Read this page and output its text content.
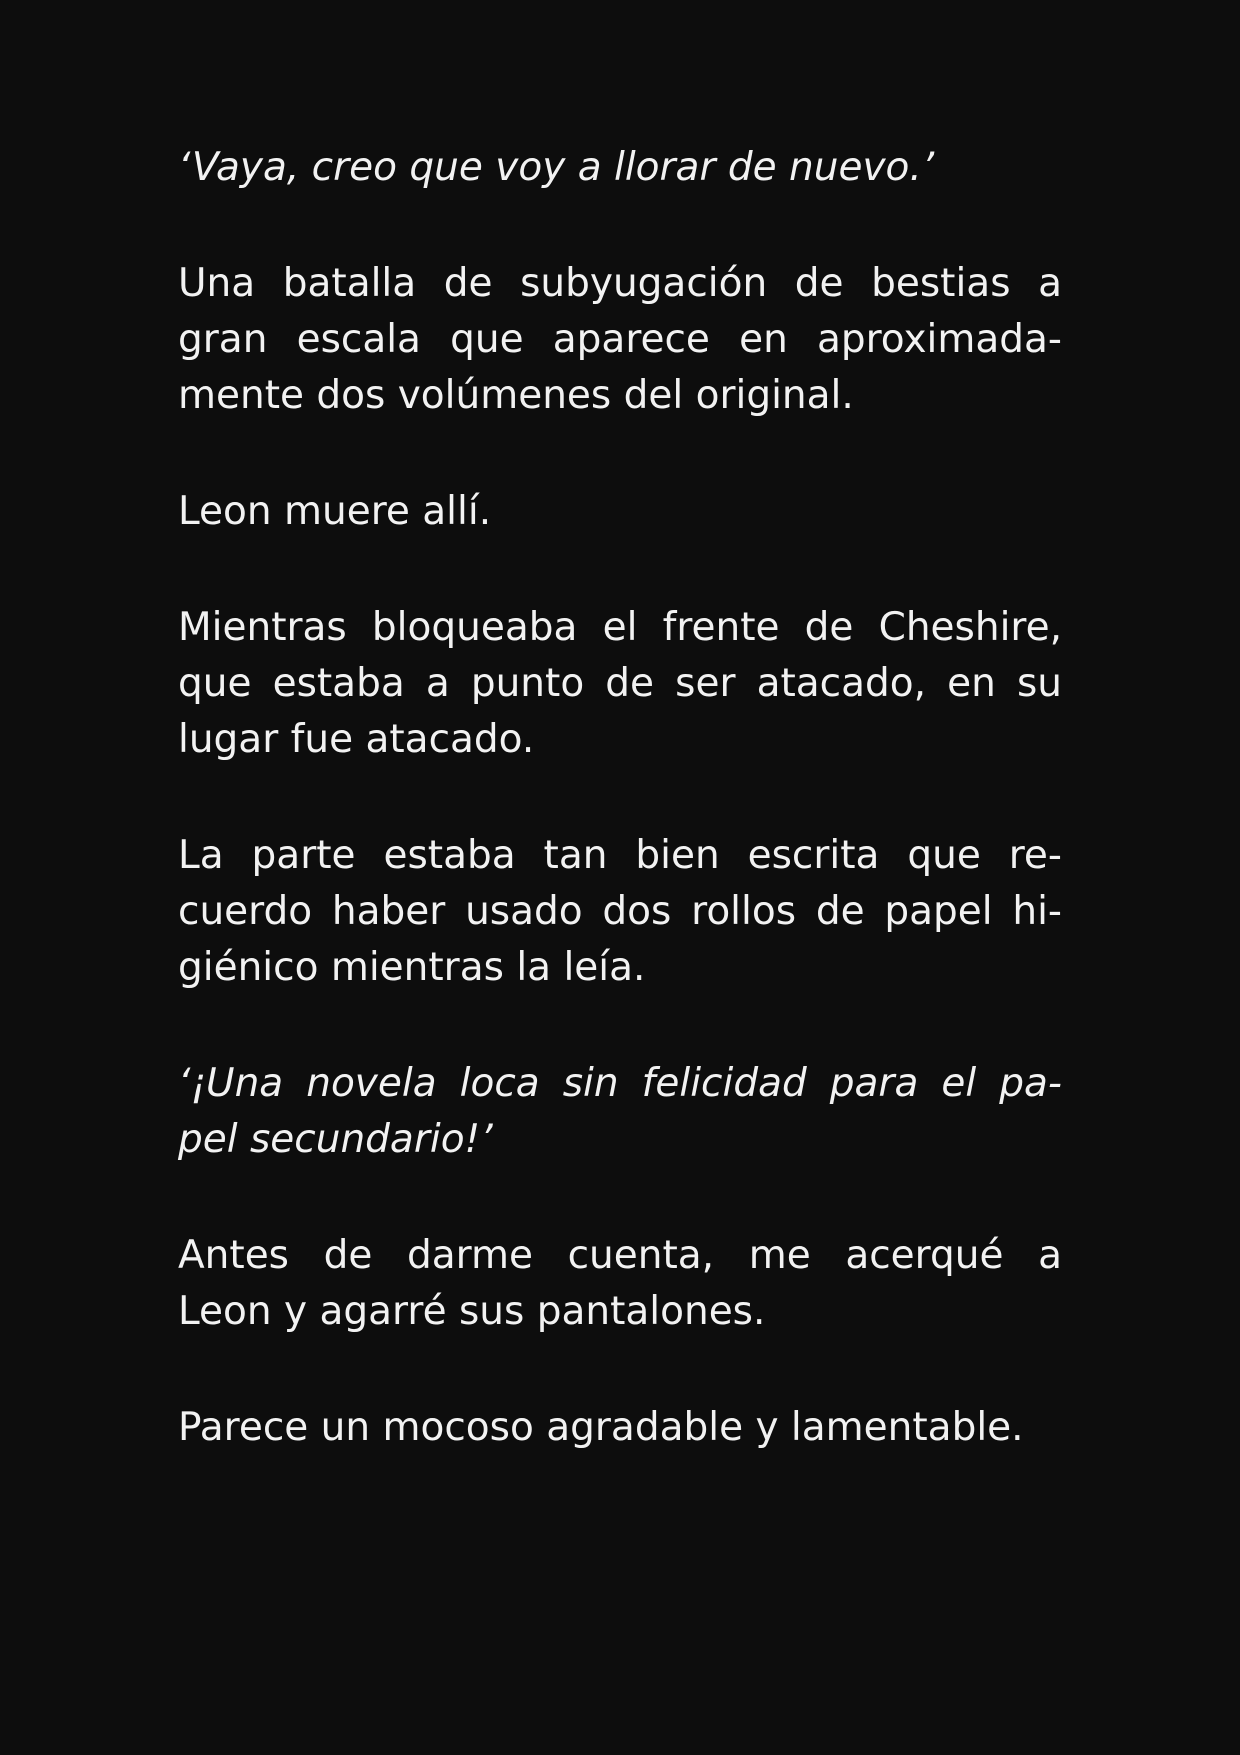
‘Vaya, creo que voy a llorar de nuevo.’

Una batalla de subyugación de bestias a
gran escala que aparece en aproximada-
mente dos volúmenes del original.

Leon muere allí.

Mientras bloqueaba el frente de Cheshire,
que estaba a punto de ser atacado, en su
lugar fue atacado.

La parte estaba tan bien escrita que re-
cuerdo haber usado dos rollos de papel hi-
giénico mientras la leía.

‘¡Una novela loca sin felicidad para el pa-
pel secundario!’

Antes de darme cuenta, me acerqué a
Leon y agarré sus pantalones.

Parece un mocoso agradable y lamentable.
